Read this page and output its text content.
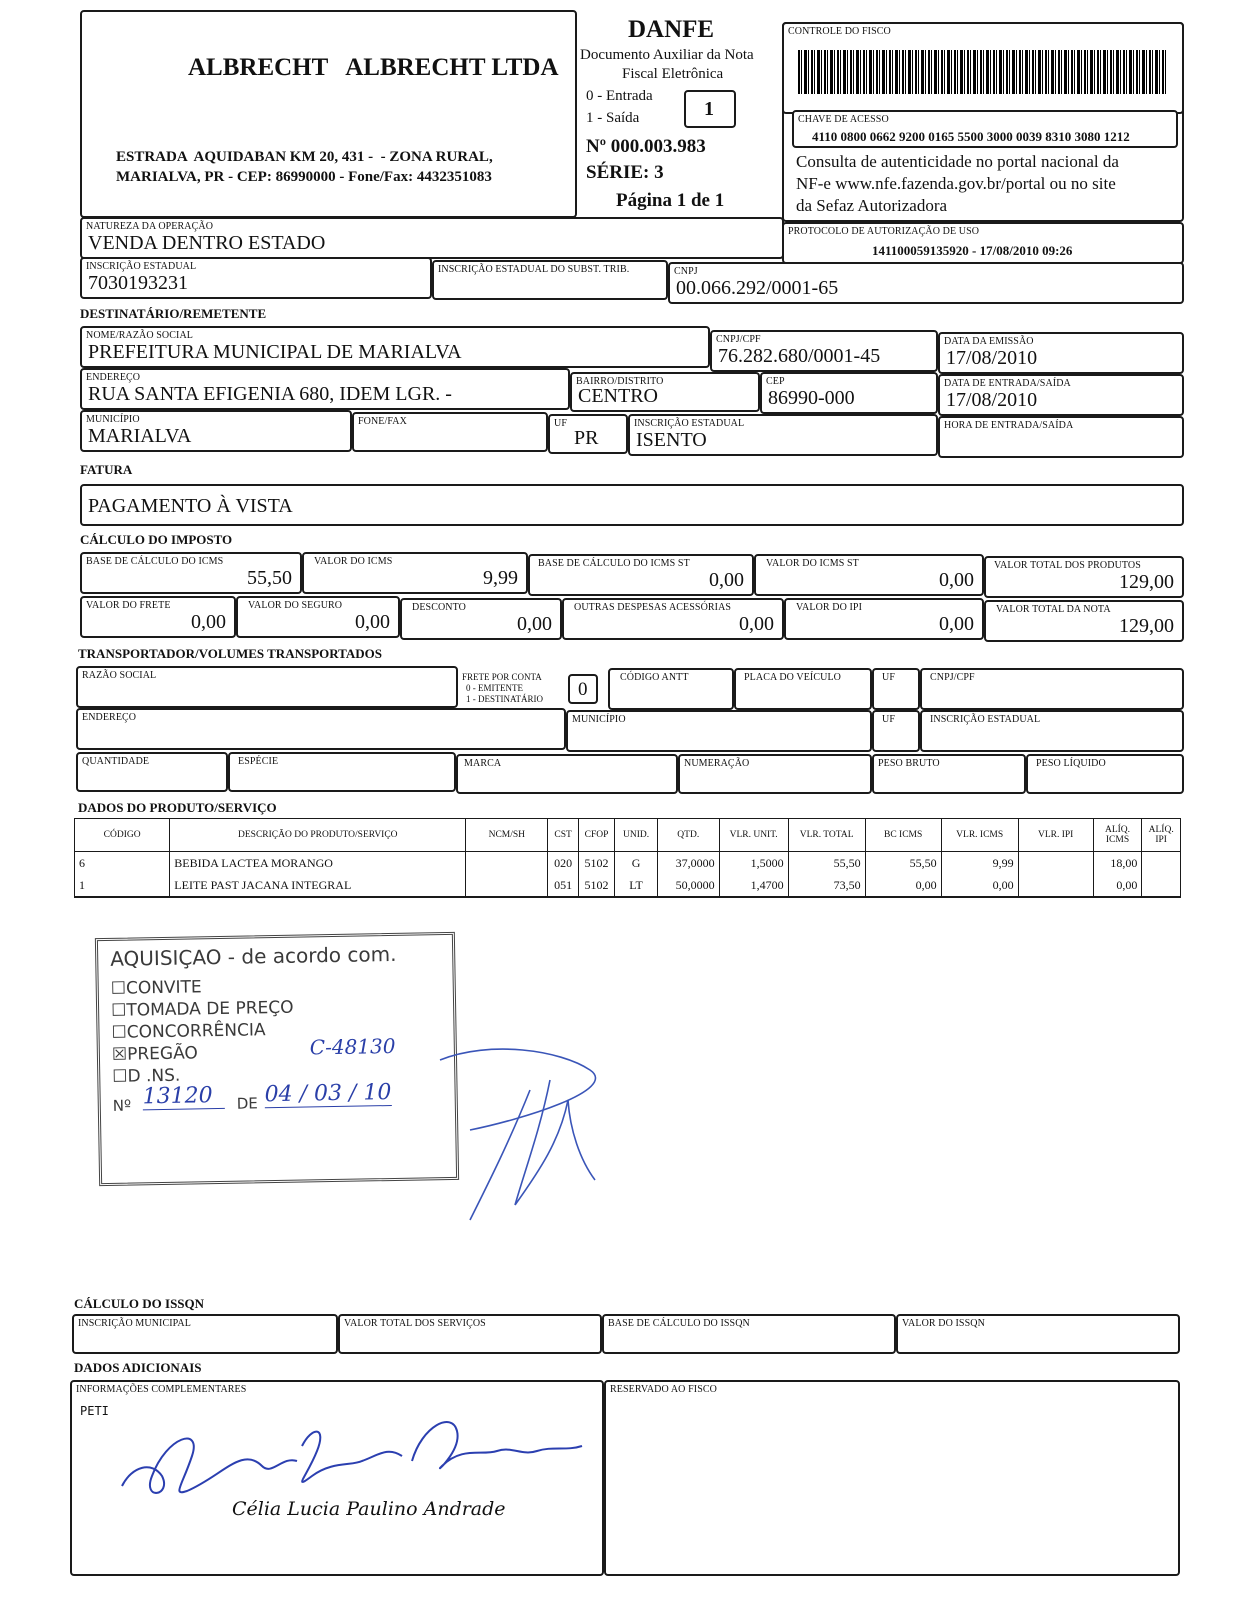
ALBRECHT   ALBRECHT LTDA
ESTRADA  AQUIDABAN KM 20, 431 -  - ZONA RURAL,
MARIALVA, PR - CEP: 86990000 - Fone/Fax: 4432351083
DANFE
Documento Auxiliar da Nota
Fiscal Eletrônica
0 - Entrada
1 - Saída	1
Nº 000.003.983
SÉRIE: 3
Página 1 de 1
CONTROLE DO FISCO
CHAVE DE ACESSO
4110 0800 0662 9200 0165 5500 3000 0039 8310 3080 1212
Consulta de autenticidade no portal nacional da
NF-e www.nfe.fazenda.gov.br/portal ou no site
da Sefaz Autorizadora
NATUREZA DA OPERAÇÃO
VENDA DENTRO ESTADO
PROTOCOLO DE AUTORIZAÇÃO DE USO
141100059135920 - 17/08/2010 09:26
INSCRIÇÃO ESTADUAL
7030193231
INSCRIÇÃO ESTADUAL DO SUBST. TRIB.	CNPJ
00.066.292/0001-65
DESTINATÁRIO/REMETENTE
NOME/RAZÃO SOCIAL
PREFEITURA MUNICIPAL DE MARIALVA
CNPJ/CPF
76.282.680/0001-45
DATA DA EMISSÃO
17/08/2010
ENDEREÇO
RUA SANTA EFIGENIA 680, IDEM LGR. -
BAIRRO/DISTRITO
CENTRO
CEP
86990-000
DATA DE ENTRADA/SAÍDA
17/08/2010
MUNICÍPIO
MARIALVA
FONE/FAX	UF
PR
INSCRIÇÃO ESTADUAL
ISENTO
HORA DE ENTRADA/SAÍDA
FATURA
PAGAMENTO À VISTA
CÁLCULO DO IMPOSTO
BASE DE CÁLCULO DO ICMS
55,50
VALOR DO ICMS
9,99
BASE DE CÁLCULO DO ICMS ST
0,00
VALOR DO ICMS ST
0,00
VALOR TOTAL DOS PRODUTOS
129,00
VALOR DO FRETE
0,00
VALOR DO SEGURO
0,00
DESCONTO
0,00
OUTRAS DESPESAS ACESSÓRIAS
0,00
VALOR DO IPI
0,00
VALOR TOTAL DA NOTA
129,00
TRANSPORTADOR/VOLUMES TRANSPORTADOS
RAZÃO SOCIAL	FRETE POR CONTA
0 - EMITENTE
1 - DESTINATÁRIO 0
CÓDIGO ANTT	PLACA DO VEÍCULO	UF	CNPJ/CPF
ENDEREÇO	MUNICÍPIO	UF	INSCRIÇÃO ESTADUAL
QUANTIDADE	ESPÉCIE	MARCA	NUMERAÇÃO	PESO BRUTO	PESO LÍQUIDO
DADOS DO PRODUTO/SERVIÇO
CÓDIGO	DESCRIÇÃO DO PRODUTO/SERVIÇO	NCM/SH	CST	CFOP	UNID.	QTD.	VLR. UNIT.	VLR. TOTAL	BC ICMS	VLR. ICMS	VLR. IPI	ALÍQ. ICMS	ALÍQ. IPI
6	BEBIDA LACTEA MORANGO		020	5102	G	37,0000	1,5000	55,50	55,50	9,99		18,00	
1	LEITE PAST JACANA INTEGRAL		051	5102	LT	50,0000	1,4700	73,50	0,00	0,00		0,00	
AQUISIÇAO - de acordo com.
☐CONVITE
☐TOMADA DE PREÇO
☐CONCORRÊNCIA
☒PREGÃO
☐D .NS.
Nº 13120	DE 04 / 03 / 10
C-48130
CÁLCULO DO ISSQN
INSCRIÇÃO MUNICIPAL	VALOR TOTAL DOS SERVIÇOS	BASE DE CÁLCULO DO ISSQN	VALOR DO ISSQN
DADOS ADICIONAIS
INFORMAÇÕES COMPLEMENTARES
PETI
Célia Lucia Paulino Andrade
RESERVADO AO FISCO
